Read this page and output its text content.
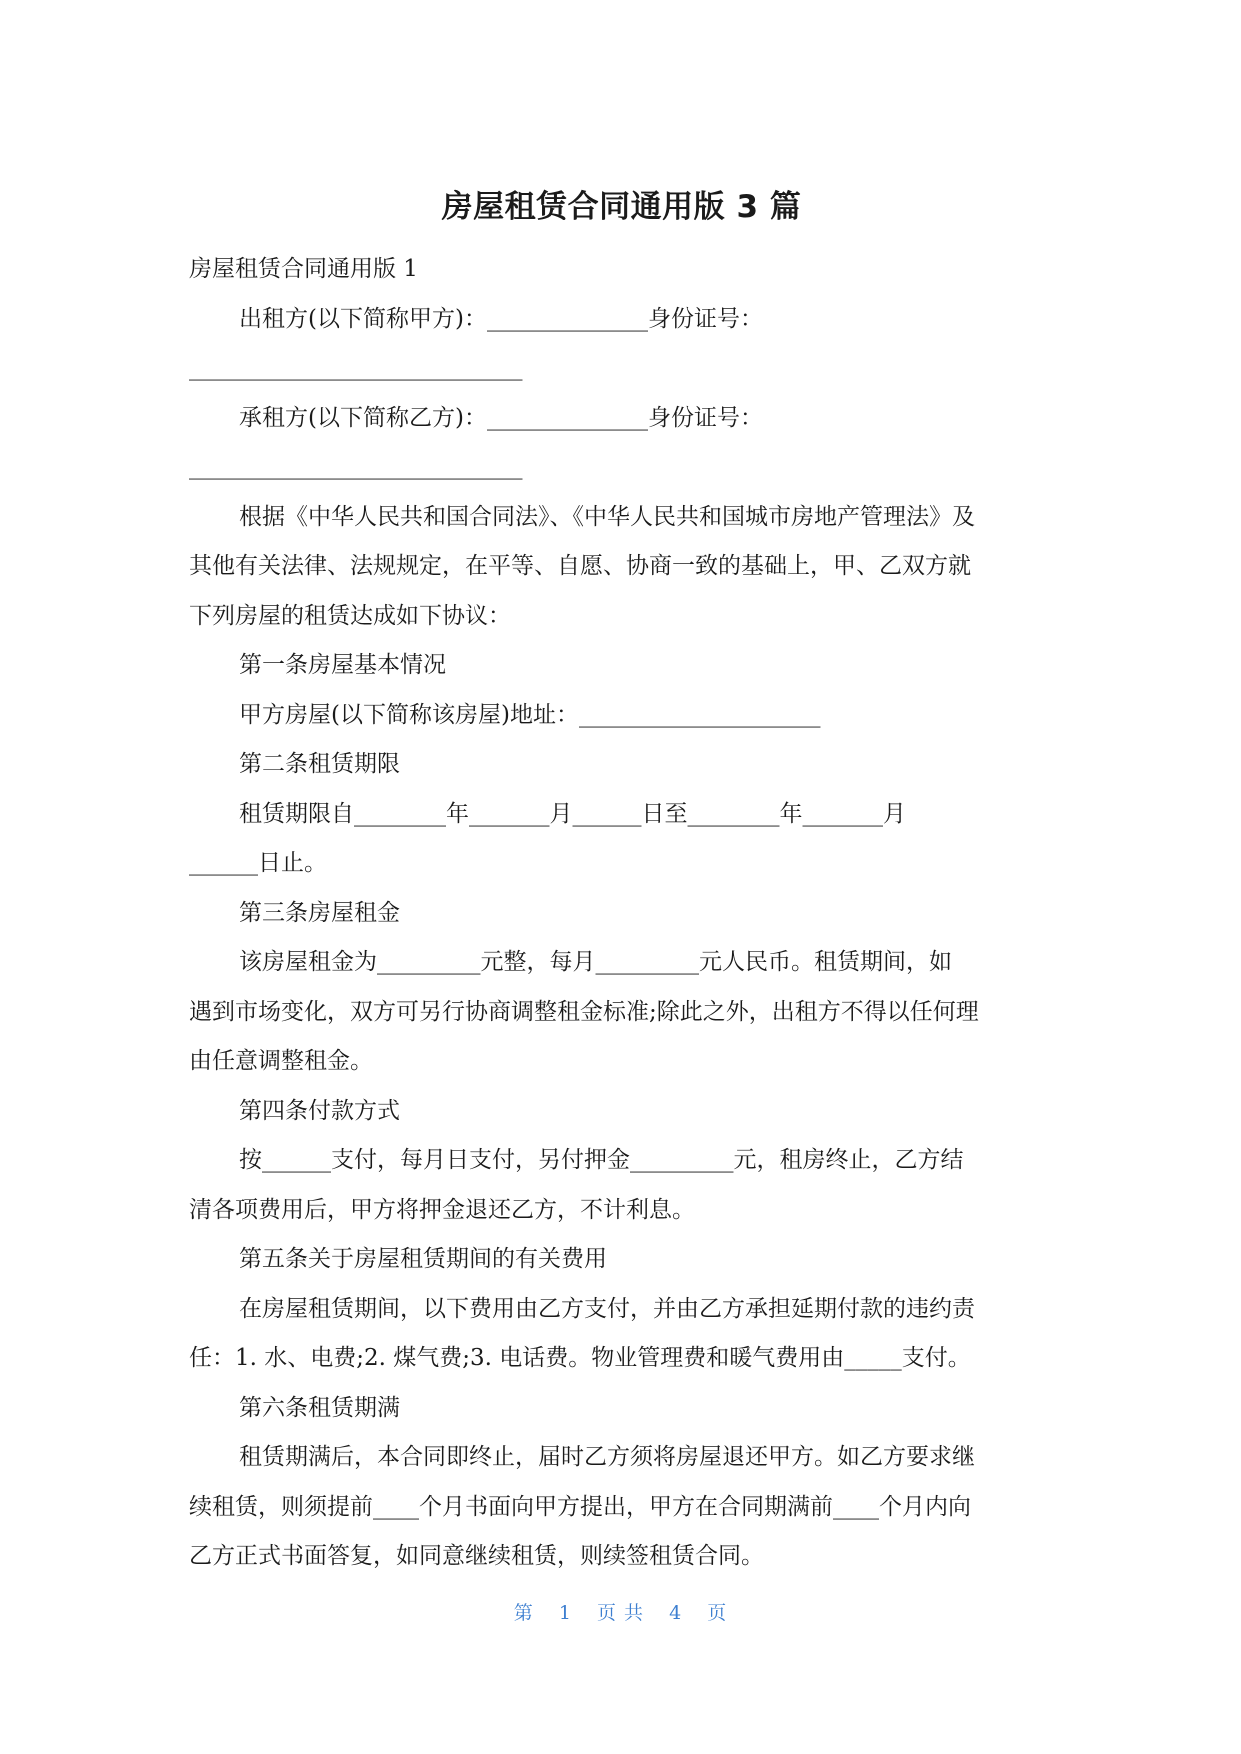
房屋租赁合同通用版 3 篇
房屋租赁合同通用版 1
出租方(以下简称甲方)：______________身份证号：
_____________________________
承租方(以下简称乙方)：______________身份证号：
_____________________________
根据《中华人民共和国合同法》、《中华人民共和国城市房地产管理法》及
其他有关法律、法规规定，在平等、自愿、协商一致的基础上，甲、乙双方就
下列房屋的租赁达成如下协议：
第一条房屋基本情况
甲方房屋(以下简称该房屋)地址：_____________________
第二条租赁期限
租赁期限自________年_______月______日至________年_______月
______日止。
第三条房屋租金
该房屋租金为_________元整，每月_________元人民币。租赁期间，如
遇到市场变化，双方可另行协商调整租金标准;除此之外，出租方不得以任何理
由任意调整租金。
第四条付款方式
按______支付，每月日支付，另付押金_________元，租房终止，乙方结
清各项费用后，甲方将押金退还乙方，不计利息。
第五条关于房屋租赁期间的有关费用
在房屋租赁期间，以下费用由乙方支付，并由乙方承担延期付款的违约责
任：1. 水、电费;2. 煤气费;3. 电话费。物业管理费和暖气费用由_____支付。
第六条租赁期满
租赁期满后，本合同即终止，届时乙方须将房屋退还甲方。如乙方要求继
续租赁，则须提前____个月书面向甲方提出，甲方在合同期满前____个月内向
乙方正式书面答复，如同意继续租赁，则续签租赁合同。
第 1 页 共 4 页
